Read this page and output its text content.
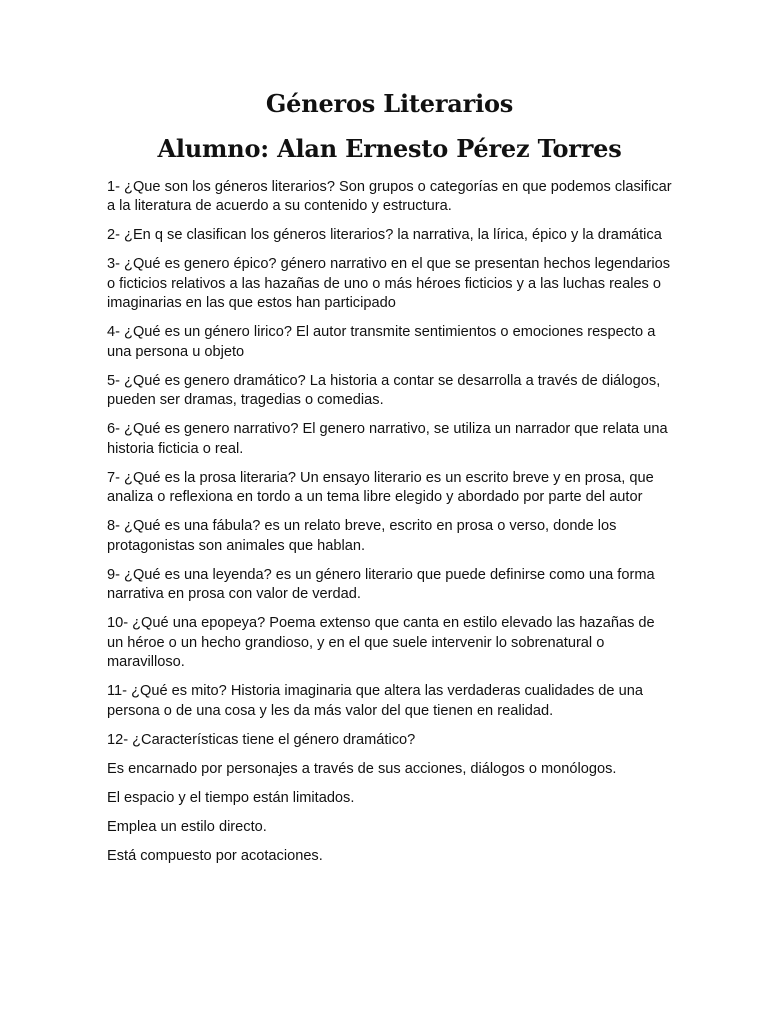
Géneros Literarios
Alumno: Alan Ernesto Pérez Torres

1- ¿Que son los géneros literarios? Son grupos o categorías en que podemos clasificar a la literatura de acuerdo a su contenido y estructura.

2- ¿En q se clasifican los géneros literarios? la narrativa, la lírica, épico y la dramática

3- ¿Qué es genero épico? género narrativo en el que se presentan hechos legendarios o ficticios relativos a las hazañas de uno o más héroes ficticios y a las luchas reales o imaginarias en las que estos han participado

4- ¿Qué es un género lirico? El autor transmite sentimientos o emociones respecto a una persona u objeto

5- ¿Qué es genero dramático? La historia a contar se desarrolla a través de diálogos, pueden ser dramas, tragedias o comedias.

6- ¿Qué es genero narrativo? El genero narrativo, se utiliza un narrador que relata una historia ficticia o real.

7- ¿Qué es la prosa literaria? Un ensayo literario es un escrito breve y en prosa, que analiza o reflexiona en tordo a un tema libre elegido y abordado por parte del autor

8- ¿Qué es una fábula? es un relato breve, escrito en prosa o verso, donde los protagonistas son animales que hablan.

9- ¿Qué es una leyenda? es un género literario que puede definirse como una forma narrativa en prosa con valor de verdad.

10- ¿Qué una epopeya? Poema extenso que canta en estilo elevado las hazañas de un héroe o un hecho grandioso, y en el que suele intervenir lo sobrenatural o maravilloso.

11- ¿Qué es mito? Historia imaginaria que altera las verdaderas cualidades de una persona o de una cosa y les da más valor del que tienen en realidad.

12- ¿Características tiene el género dramático?

Es encarnado por personajes a través de sus acciones, diálogos o monólogos.

El espacio y el tiempo están limitados.

Emplea un estilo directo.

Está compuesto por acotaciones.
